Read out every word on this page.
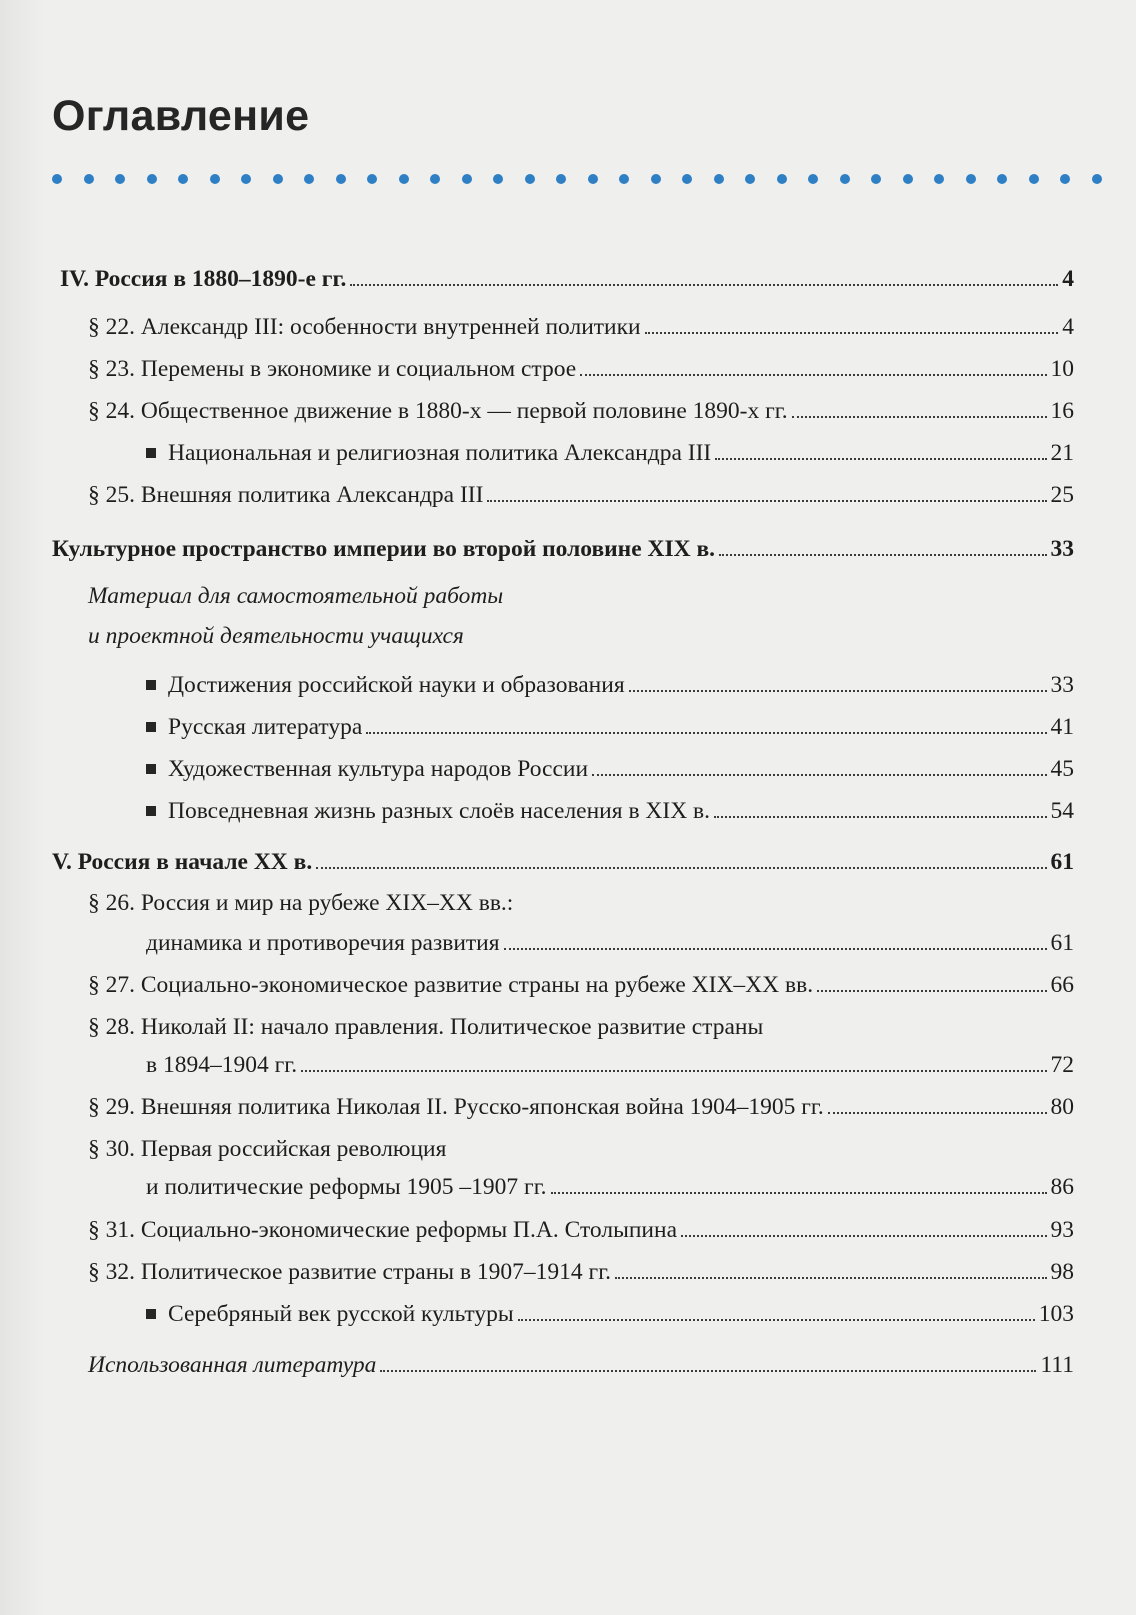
Оглавление
IV. Россия в 1880–1890-е гг.	4
§ 22. Александр III: особенности внутренней политики	4
§ 23. Перемены в экономике и социальном строе	10
§ 24. Общественное движение в 1880-х — первой половине 1890-х гг.	16
Национальная и религиозная политика Александра III	21
§ 25. Внешняя политика Александра III	25
Культурное пространство империи во второй половине XIX в.	33
Материал для самостоятельной работы
и проектной деятельности учащихся
Достижения российской науки и образования	33
Русская литература	41
Художественная культура народов России	45
Повседневная жизнь разных слоёв населения в XIX в.	54
V. Россия в начале XX в.	61
§ 26. Россия и мир на рубеже XIX–XX вв.:
динамика и противоречия развития	61
§ 27. Социально-экономическое развитие страны на рубеже XIX–XX вв.	66
§ 28. Николай II: начало правления. Политическое развитие страны
в 1894–1904 гг.	72
§ 29. Внешняя политика Николая II. Русско-японская война 1904–1905 гг.	80
§ 30. Первая российская революция
и политические реформы 1905 –1907 гг.	86
§ 31. Социально-экономические реформы П.А. Столыпина	93
§ 32. Политическое развитие страны в 1907–1914 гг.	98
Серебряный век русской культуры	103
Использованная литература	111
